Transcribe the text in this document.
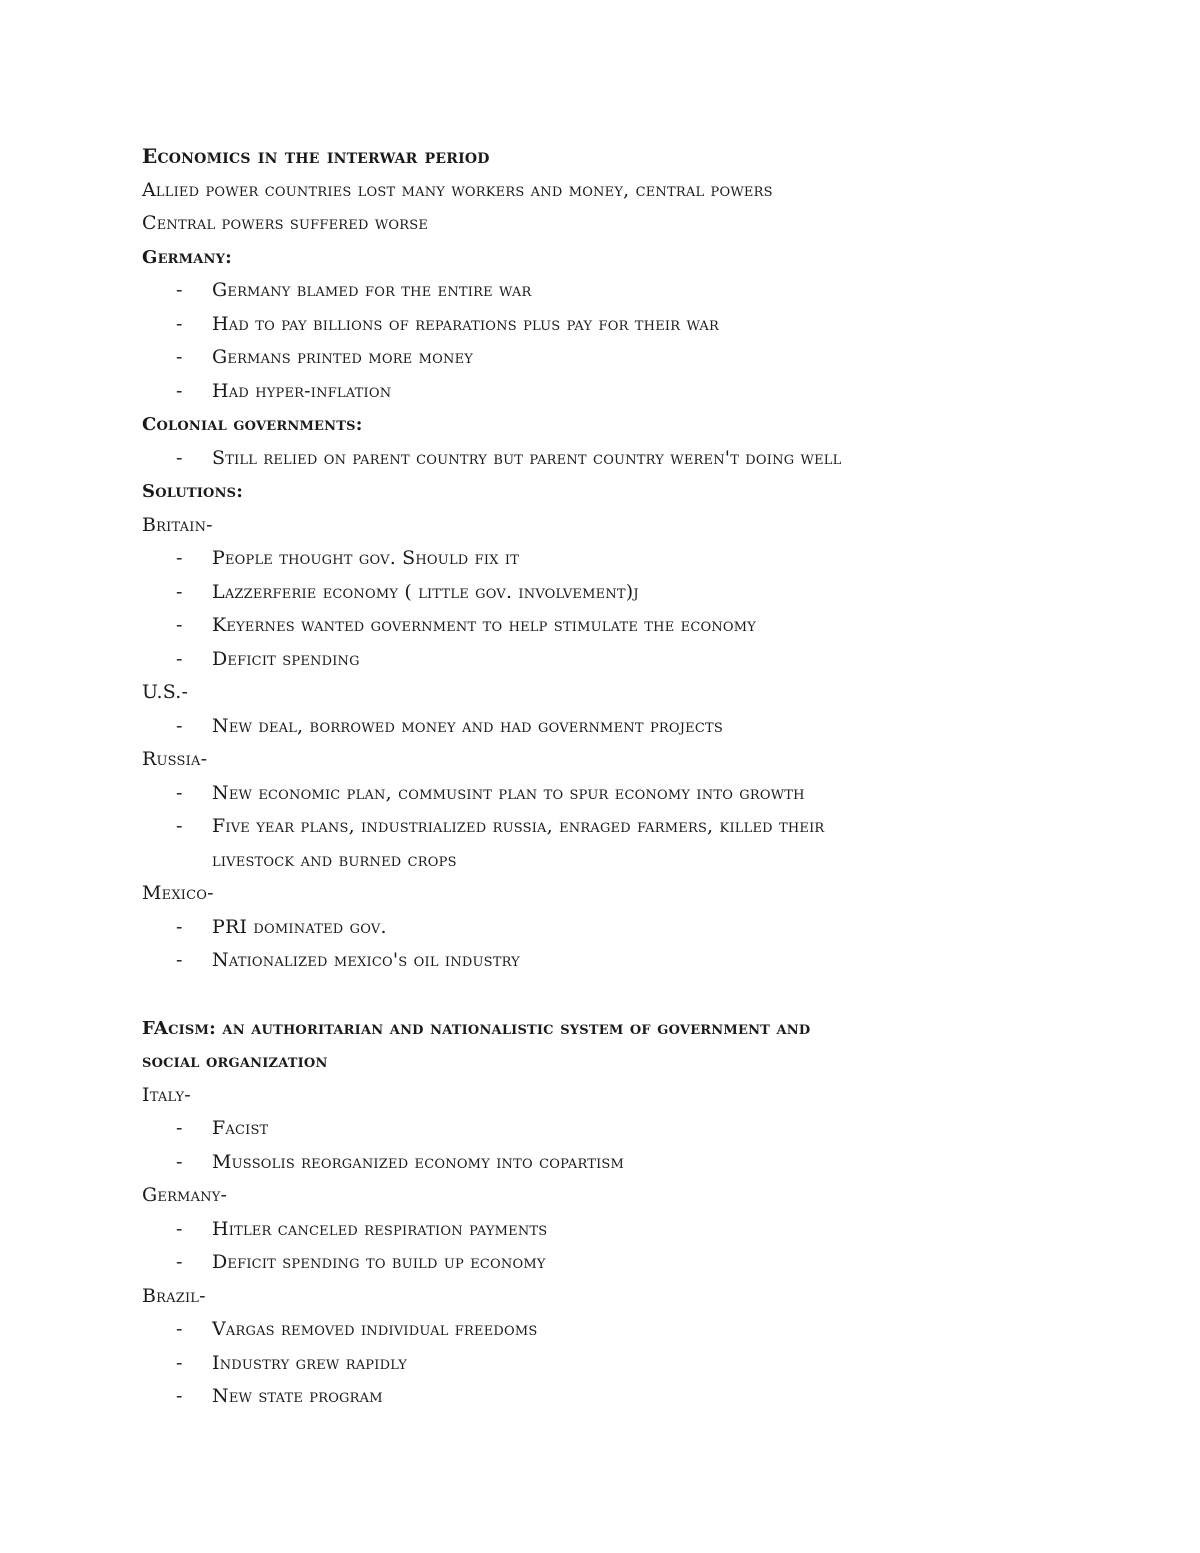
Economics in the interwar period
Allied power countries lost many workers and money, central powers
Central powers suffered worse
Germany:
-	Germany blamed for the entire war
-	Had to pay billions of reparations plus pay for their war
-	Germans printed more money
-	Had hyper-inflation
Colonial governments:
-	Still relied on parent country but parent country weren't doing well
Solutions:
Britain-
-	People thought gov. Should fix it
-	Lazzerferie economy ( little gov. involvement)j
-	Keyernes wanted government to help stimulate the economy
-	Deficit spending
U.S.-
-	New deal, borrowed money and had government projects
Russia-
-	New economic plan, commusint plan to spur economy into growth
-	Five year plans, industrialized russia, enraged farmers, killed their
livestock and burned crops
Mexico-
-	PRI dominated gov.
-	Nationalized mexico's oil industry
FAcism: an authoritarian and nationalistic system of government and
social organization
Italy-
-	Facist
-	Mussolis reorganized economy into copartism
Germany-
-	Hitler canceled respiration payments
-	Deficit spending to build up economy
Brazil-
-	Vargas removed individual freedoms
-	Industry grew rapidly
-	New state program
